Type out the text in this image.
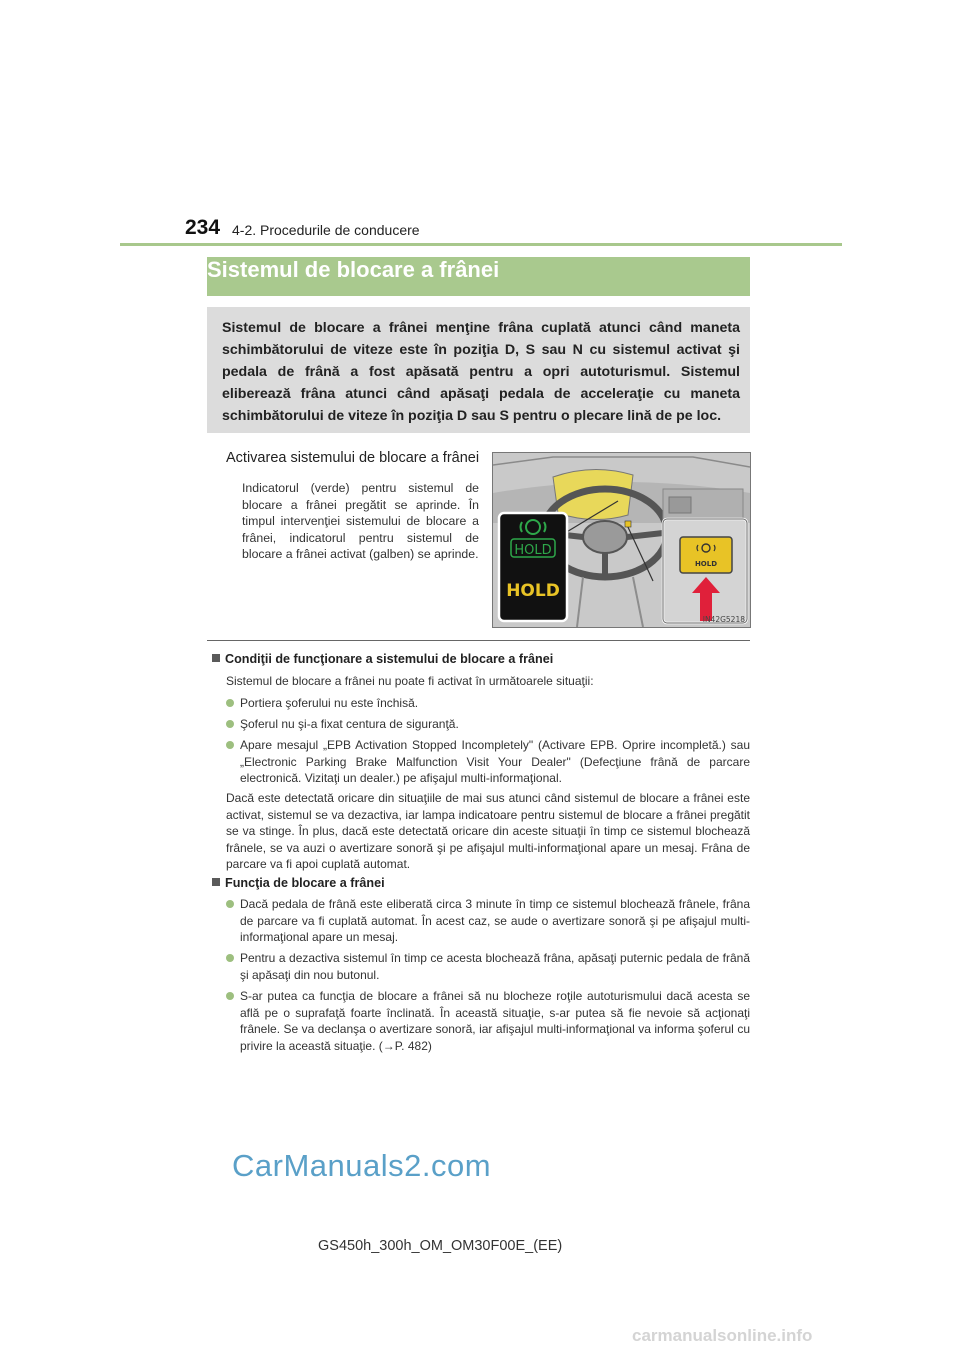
234 4-2. Procedurile de conducere
Sistemul de blocare a frânei
Sistemul de blocare a frânei menţine frâna cuplată atunci când maneta schimbătorului de viteze este în poziţia D, S sau N cu sistemul activat şi pedala de frână a fost apăsată pentru a opri autoturismul. Sistemul eliberează frâna atunci când apăsaţi pedala de acceleraţie cu maneta schimbătorului de viteze în poziţia D sau S pentru o plecare lină de pe loc.
Activarea sistemului de blocare a frânei
Indicatorul (verde) pentru sistemul de blocare a frânei pregătit se aprinde. În timpul intervenţiei sistemului de blocare a frânei, indicatorul pentru sistemul de blocare a frânei activat (galben) se aprinde.	HOLD
HOLD
HOLD
IN42G5218
Condiţii de funcţionare a sistemului de blocare a frânei
Sistemul de blocare a frânei nu poate fi activat în următoarele situaţii:
Portiera şoferului nu este închisă.
Şoferul nu şi-a fixat centura de siguranţă.
Apare mesajul „EPB Activation Stopped Incompletely" (Activare EPB. Oprire incompletă.) sau „Electronic Parking Brake Malfunction Visit Your Dealer" (Defecţiune frână de parcare electronică. Vizitaţi un dealer.) pe afişajul multi-informaţional.
Dacă este detectată oricare din situaţiile de mai sus atunci când sistemul de blocare a frânei este activat, sistemul se va dezactiva, iar lampa indicatoare pentru sistemul de blocare a frânei pregătit se va stinge. În plus, dacă este detectată oricare din aceste situaţii în timp ce sistemul blochează frânele, se va auzi o avertizare sonoră şi pe afişajul multi-informaţional apare un mesaj. Frâna de parcare va fi apoi cuplată automat.
Funcţia de blocare a frânei
Dacă pedala de frână este eliberată circa 3 minute în timp ce sistemul blochează frânele, frâna de parcare va fi cuplată automat. În acest caz, se aude o avertizare sonoră şi pe afişajul multi-informaţional apare un mesaj.
Pentru a dezactiva sistemul în timp ce acesta blochează frâna, apăsaţi puternic pedala de frână şi apăsaţi din nou butonul.
S-ar putea ca funcţia de blocare a frânei să nu blocheze roţile autoturismului dacă acesta se află pe o suprafaţă foarte înclinată. În această situaţie, s-ar putea să fie nevoie să acţionaţi frânele. Se va declanşa o avertizare sonoră, iar afişajul multi-informaţional va informa şoferul cu privire la această situaţie. (→P. 482)
CarManuals2.com
GS450h_300h_OM_OM30F00E_(EE)
carmanualsonline.info
